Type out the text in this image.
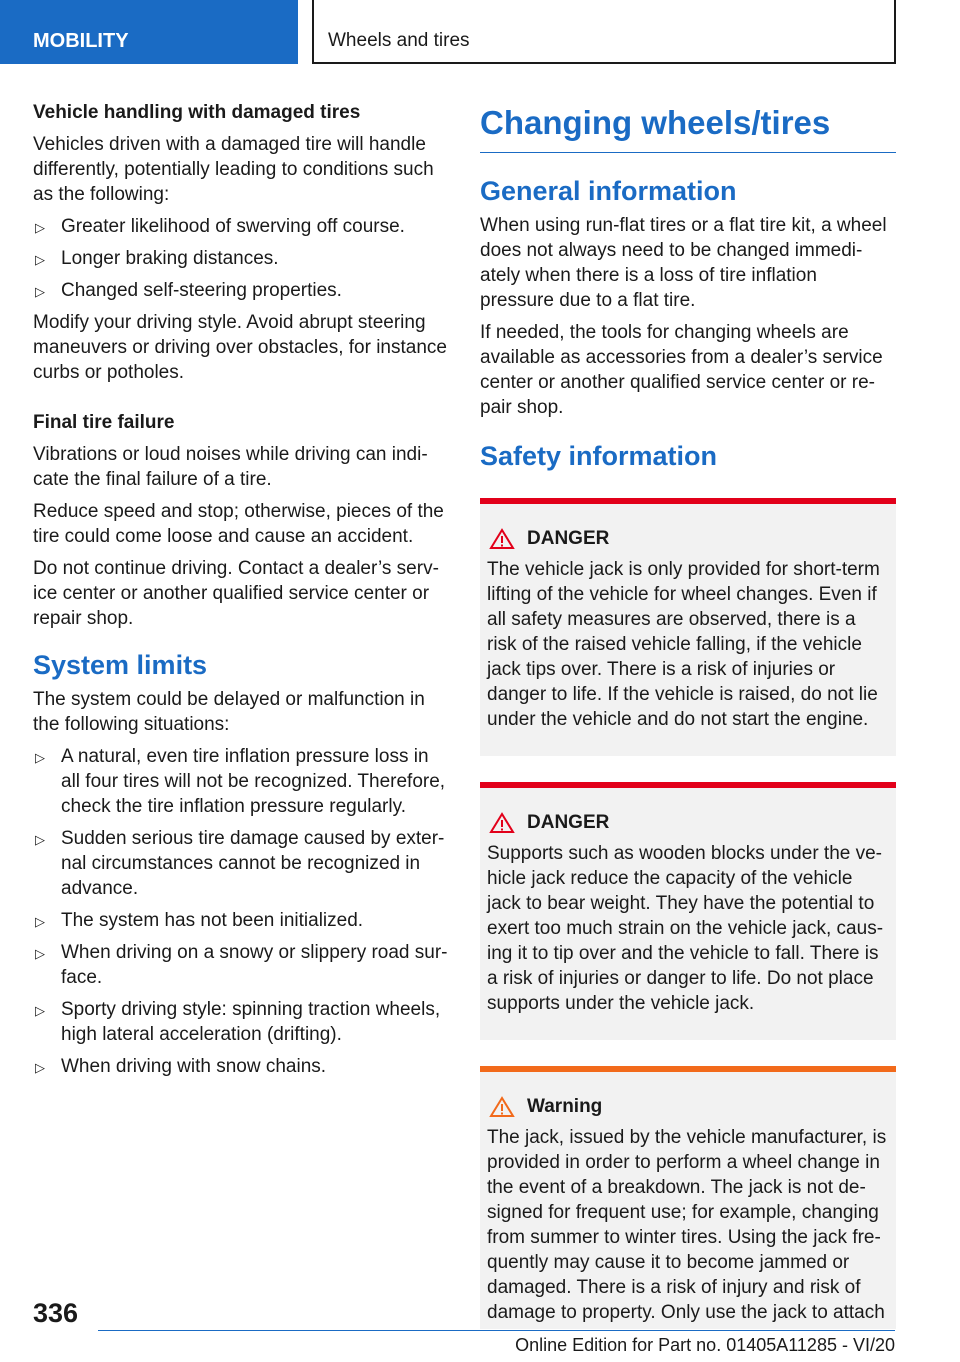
MOBILITY	Wheels and tires
Vehicle handling with damaged tires

Vehicles driven with a damaged tire will handle differently, potentially leading to conditions such as the following:

▷ Greater likelihood of swerving off course.
▷ Longer braking distances.
▷ Changed self-steering properties.

Modify your driving style. Avoid abrupt steering maneuvers or driving over obstacles, for instance curbs or potholes.

Final tire failure

Vibrations or loud noises while driving can indi-cate the final failure of a tire.

Reduce speed and stop; otherwise, pieces of the tire could come loose and cause an accident.

Do not continue driving. Contact a dealer’s serv-ice center or another qualified service center or repair shop.

System limits

The system could be delayed or malfunction in the following situations:

▷ A natural, even tire inflation pressure loss in all four tires will not be recognized. Therefore, check the tire inflation pressure regularly.
▷ Sudden serious tire damage caused by exter-nal circumstances cannot be recognized in advance.
▷ The system has not been initialized.
▷ When driving on a snowy or slippery road sur-face.
▷ Sporty driving style: spinning traction wheels, high lateral acceleration (drifting).
▷ When driving with snow chains.
Changing wheels/tires
General information

When using run-flat tires or a flat tire kit, a wheel does not always need to be changed immedi-ately when there is a loss of tire inflation pressure due to a flat tire.

If needed, the tools for changing wheels are available as accessories from a dealer’s service center or another qualified service center or re-pair shop.

Safety information
DANGER

The vehicle jack is only provided for short-term lifting of the vehicle for wheel changes. Even if all safety measures are observed, there is a risk of the raised vehicle falling, if the vehicle jack tips over. There is a risk of injuries or danger to life. If the vehicle is raised, do not lie under the vehicle and do not start the engine.

DANGER

Supports such as wooden blocks under the ve-hicle jack reduce the capacity of the vehicle jack to bear weight. They have the potential to exert too much strain on the vehicle jack, caus-ing it to tip over and the vehicle to fall. There is a risk of injuries or danger to life. Do not place supports under the vehicle jack.

Warning

The jack, issued by the vehicle manufacturer, is provided in order to perform a wheel change in the event of a breakdown. The jack is not de-signed for frequent use; for example, changing from summer to winter tires. Using the jack fre-quently may cause it to become jammed or damaged. There is a risk of injury and risk of damage to property. Only use the jack to attach

336
Online Edition for Part no. 01405A11285 - VI/20
